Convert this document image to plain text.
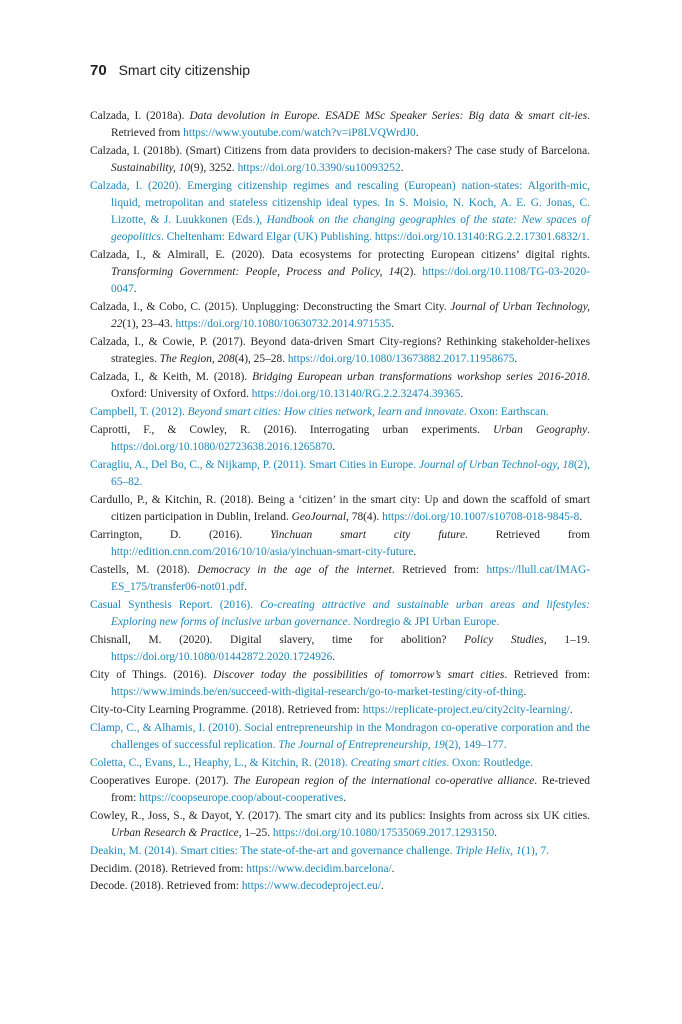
70 Smart city citizenship

Calzada, I. (2018a). Data devolution in Europe. ESADE MSc Speaker Series: Big data & smart cit-ies. Retrieved from https://www.youtube.com/watch?v=iP8LVQWrdJ0.

Calzada, I. (2018b). (Smart) Citizens from data providers to decision-makers? The case study of Barcelona. Sustainability, 10(9), 3252. https://doi.org/10.3390/su10093252.

Calzada, I. (2020). Emerging citizenship regimes and rescaling (European) nation-states: Algorith-mic, liquid, metropolitan and stateless citizenship ideal types. In S. Moisio, N. Koch, A. E. G. Jonas, C. Lizotte, & J. Luukkonen (Eds.), Handbook on the changing geographies of the state: New spaces of geopolitics. Cheltenham: Edward Elgar (UK) Publishing. https://doi.org/10.13140:RG.2.2.17301.6832/1.

Calzada, I., & Almirall, E. (2020). Data ecosystems for protecting European citizens’ digital rights. Transforming Government: People, Process and Policy, 14(2). https://doi.org/10.1108/TG-03-2020-0047.

Calzada, I., & Cobo, C. (2015). Unplugging: Deconstructing the Smart City. Journal of Urban Technology, 22(1), 23–43. https://doi.org/10.1080/10630732.2014.971535.

Calzada, I., & Cowie, P. (2017). Beyond data-driven Smart City-regions? Rethinking stakeholder-helixes strategies. The Region, 208(4), 25–28. https://doi.org/10.1080/13673882.2017.11958675.

Calzada, I., & Keith, M. (2018). Bridging European urban transformations workshop series 2016-2018. Oxford: University of Oxford. https://doi.org/10.13140/RG.2.2.32474.39365.

Campbell, T. (2012). Beyond smart cities: How cities network, learn and innovate. Oxon: Earthscan.

Caprotti, F., & Cowley, R. (2016). Interrogating urban experiments. Urban Geography. https://doi.org/10.1080/02723638.2016.1265870.

Caragliu, A., Del Bo, C., & Nijkamp, P. (2011). Smart Cities in Europe. Journal of Urban Technol-ogy, 18(2), 65–82.

Cardullo, P., & Kitchin, R. (2018). Being a ‘citizen’ in the smart city: Up and down the scaffold of smart citizen participation in Dublin, Ireland. GeoJournal, 78(4). https://doi.org/10.1007/s10708-018-9845-8.

Carrington, D. (2016). Yinchuan smart city future. Retrieved from http://edition.cnn.com/2016/10/10/asia/yinchuan-smart-city-future.

Castells, M. (2018). Democracy in the age of the internet. Retrieved from: https://llull.cat/IMAG-ES_175/transfer06-not01.pdf.

Casual Synthesis Report. (2016). Co-creating attractive and sustainable urban areas and lifestyles: Exploring new forms of inclusive urban governance. Nordregio & JPI Urban Europe.

Chisnall, M. (2020). Digital slavery, time for abolition? Policy Studies, 1–19. https://doi.org/10.1080/01442872.2020.1724926.

City of Things. (2016). Discover today the possibilities of tomorrow’s smart cities. Retrieved from: https://www.iminds.be/en/succeed-with-digital-research/go-to-market-testing/city-of-thing.

City-to-City Learning Programme. (2018). Retrieved from: https://replicate-project.eu/city2city-learning/.

Clamp, C., & Alhamis, I. (2010). Social entrepreneurship in the Mondragon co-operative corporation and the challenges of successful replication. The Journal of Entrepreneurship, 19(2), 149–177.

Coletta, C., Evans, L., Heaphy, L., & Kitchin, R. (2018). Creating smart cities. Oxon: Routledge.

Cooperatives Europe. (2017). The European region of the international co-operative alliance. Re-trieved from: https://coopseurope.coop/about-cooperatives.

Cowley, R., Joss, S., & Dayot, Y. (2017). The smart city and its publics: Insights from across six UK cities. Urban Research & Practice, 1–25. https://doi.org/10.1080/17535069.2017.1293150.

Deakin, M. (2014). Smart cities: The state-of-the-art and governance challenge. Triple Helix, 1(1), 7.

Decidim. (2018). Retrieved from: https://www.decidim.barcelona/.

Decode. (2018). Retrieved from: https://www.decodeproject.eu/.
